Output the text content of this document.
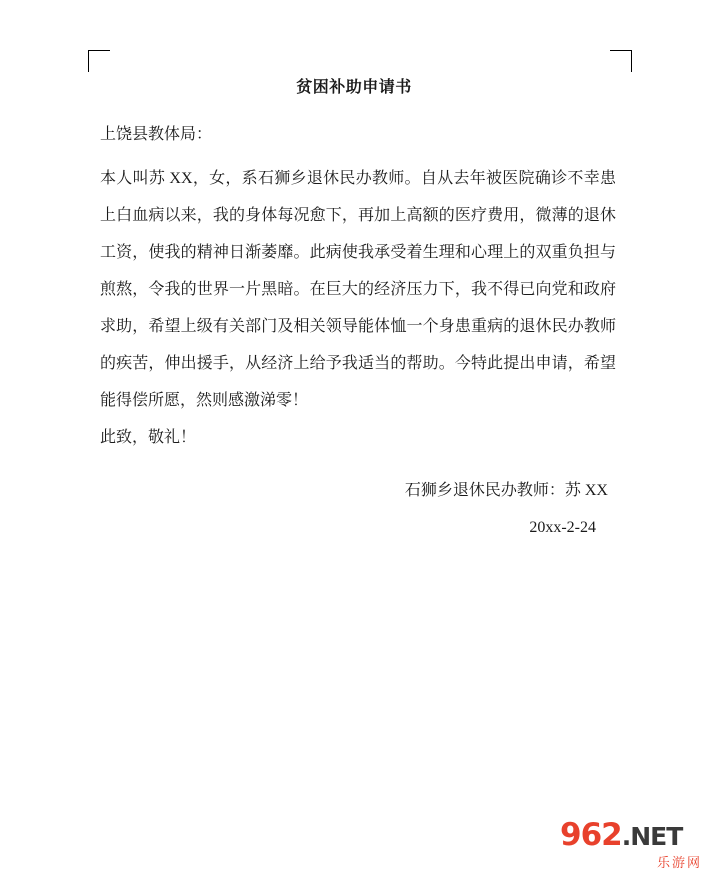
贫困补助申请书

上饶县教体局：

本人叫苏 XX，女，系石狮乡退休民办教师。自从去年被医院确诊不幸患上白血病以来，我的身体每况愈下，再加上高额的医疗费用，微薄的退休工资，使我的精神日渐萎靡。此病使我承受着生理和心理上的双重负担与煎熬，令我的世界一片黑暗。在巨大的经济压力下，我不得已向党和政府求助，希望上级有关部门及相关领导能体恤一个身患重病的退休民办教师的疾苦，伸出援手，从经济上给予我适当的帮助。今特此提出申请，希望能得偿所愿，然则感激涕零！

此致，敬礼！

石狮乡退休民办教师：苏 XX

20xx-2-24

962.NET
乐游网
